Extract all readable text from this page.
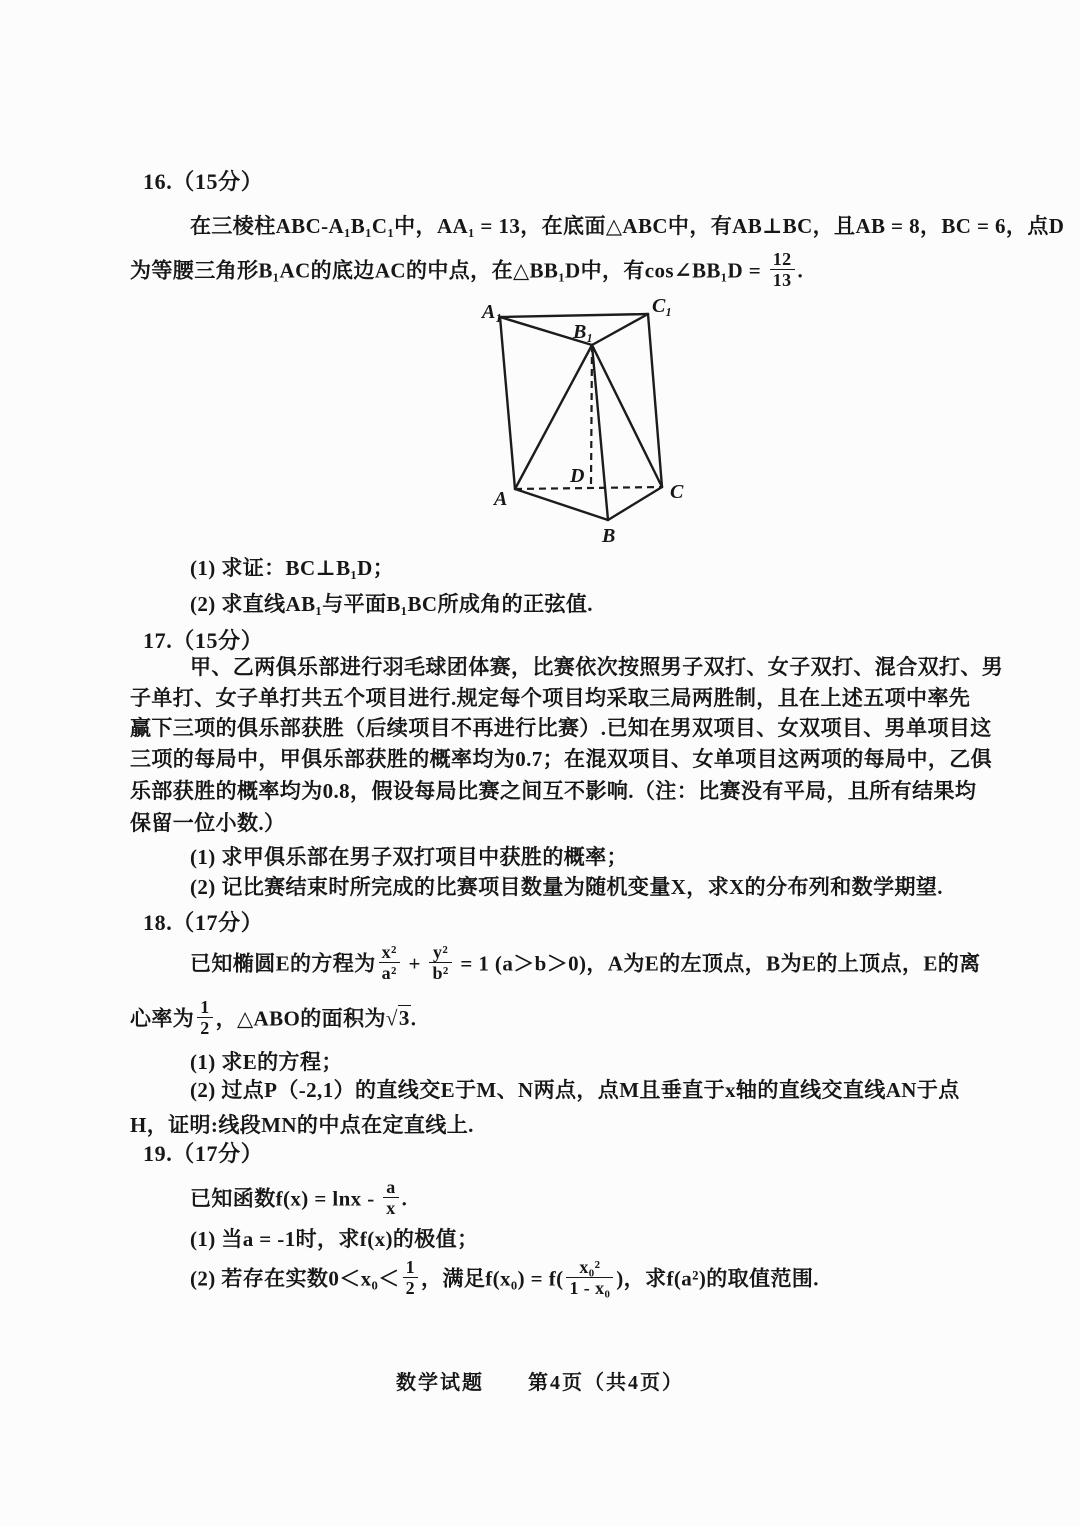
16.（15分）
在三棱柱ABC-A₁B₁C₁中，AA₁ = 13，在底面△ABC中，有AB⊥BC，且AB = 8，BC = 6，点D
为等腰三角形B₁AC的底边AC的中点，在△BB₁D中，有cos∠BB₁D = $\frac{12}{13}$ .
A₁	C₁
B₁
A	C
D
B
(1) 求证：BC⊥B₁D；
(2) 求直线AB₁与平面B₁BC所成角的正弦值.
17.（15分）
甲、乙两俱乐部进行羽毛球团体赛，比赛依次按照男子双打、女子双打、混合双打、男
子单打、女子单打共五个项目进行.规定每个项目均采取三局两胜制，且在上述五项中率先
赢下三项的俱乐部获胜（后续项目不再进行比赛）.已知在男双项目、女双项目、男单项目这
三项的每局中，甲俱乐部获胜的概率均为0.7；在混双项目、女单项目这两项的每局中，乙俱
乐部获胜的概率均为0.8，假设每局比赛之间互不影响.（注：比赛没有平局，且所有结果均
保留一位小数.）
(1) 求甲俱乐部在男子双打项目中获胜的概率；
(2) 记比赛结束时所完成的比赛项目数量为随机变量X，求X的分布列和数学期望.
18.（17分）
已知椭圆E的方程为 $\frac{\text{x²}}{\text{a²}} + \frac{\text{y²}}{\text{b²}} = 1$ (a＞b＞0)，A为E的左顶点，B为E的上顶点，E的离
心率为 $\frac{1}{2}$ ，△ABO的面积为√3.
(1) 求E的方程；
(2) 过点P（-2,1）的直线交E于M、N两点，点M且垂直于x轴的直线交直线AN于点
H，证明:线段MN的中点在定直线上.
19.（17分）
已知函数$f(x) = \ln x - \frac{a}{x}$ .
(1) 当a = -1时，求f(x)的极值；
(2) 若存在实数$0<x_0< \frac{1}{2}$ ，满足$f(x_0) = f( \frac{\text{x₀²}}{\text{1 - x₀}}$ )，求f(a²)的取值范围.
数学试题　　第4页（共4页）
